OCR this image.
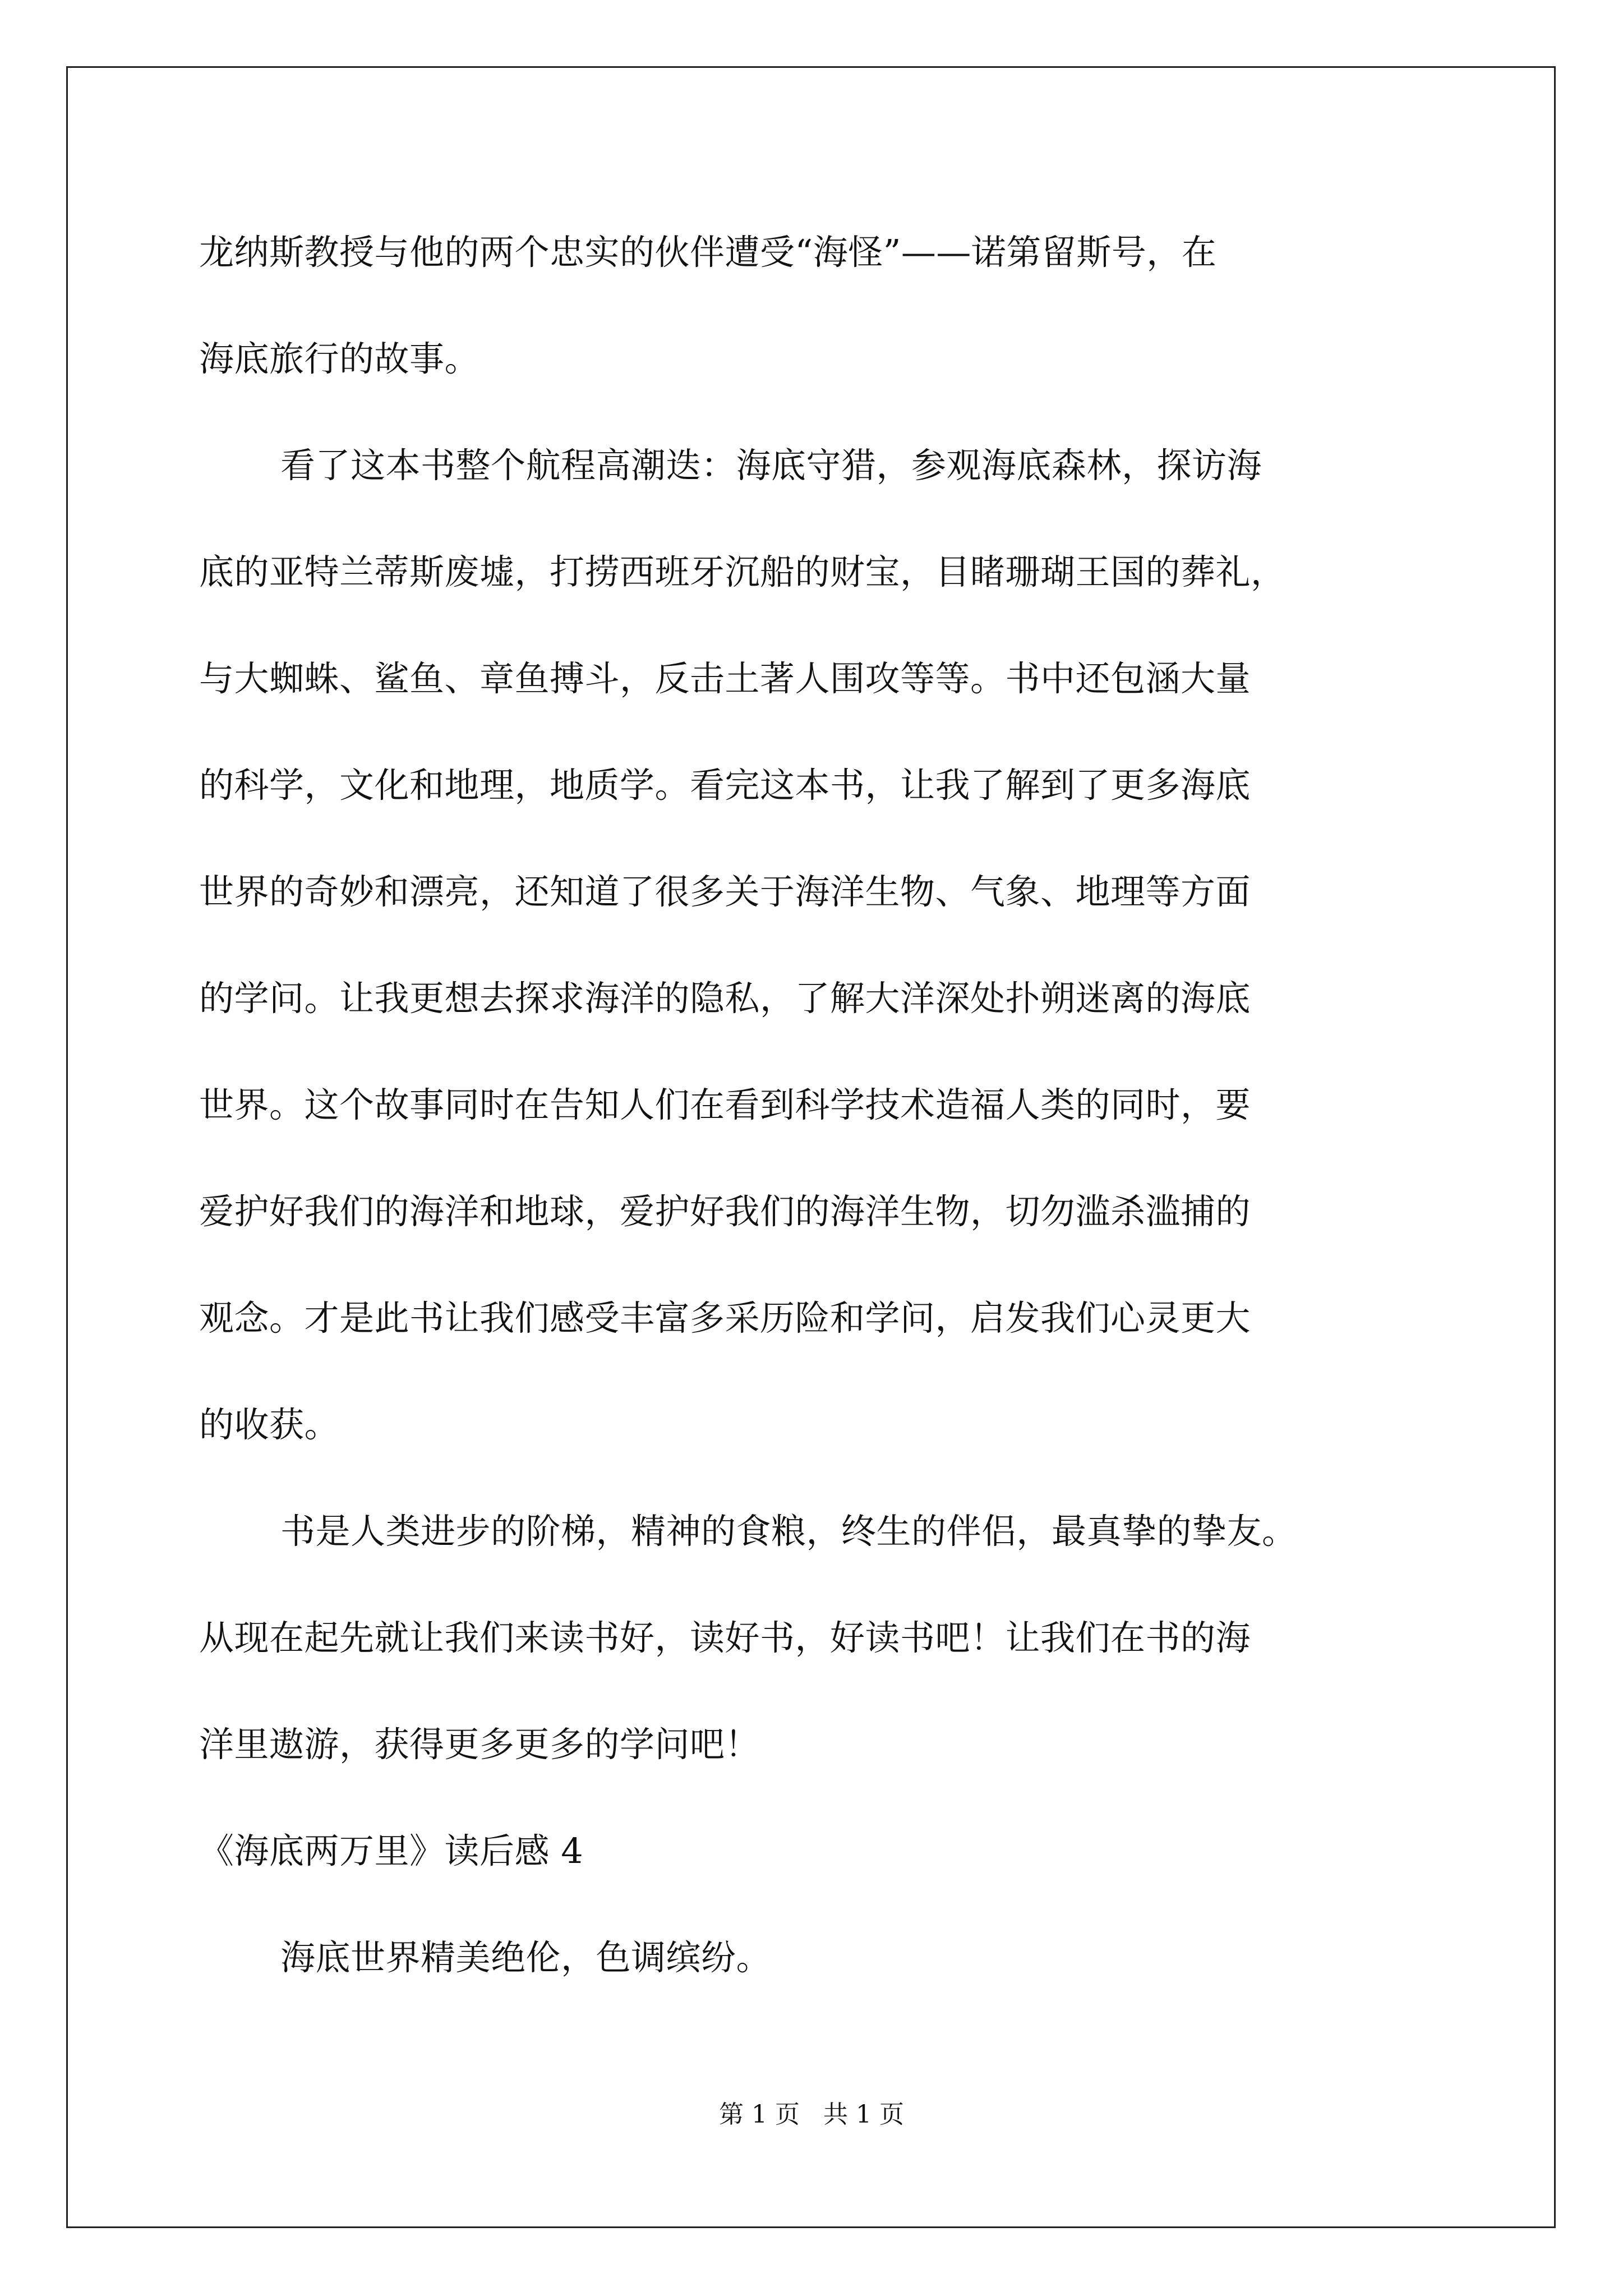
龙纳斯教授与他的两个忠实的伙伴遭受“海怪”——诺第留斯号，在
海底旅行的故事。
看了这本书整个航程高潮迭：海底守猎，参观海底森林，探访海
底的亚特兰蒂斯废墟，打捞西班牙沉船的财宝，目睹珊瑚王国的葬礼，
与大蜘蛛、鲨鱼、章鱼搏斗，反击土著人围攻等等。书中还包涵大量
的科学，文化和地理，地质学。看完这本书，让我了解到了更多海底
世界的奇妙和漂亮，还知道了很多关于海洋生物、气象、地理等方面
的学问。让我更想去探求海洋的隐私，了解大洋深处扑朔迷离的海底
世界。这个故事同时在告知人们在看到科学技术造福人类的同时，要
爱护好我们的海洋和地球，爱护好我们的海洋生物，切勿滥杀滥捕的
观念。才是此书让我们感受丰富多采历险和学问，启发我们心灵更大
的收获。
书是人类进步的阶梯，精神的食粮，终生的伴侣，最真挚的挚友。
从现在起先就让我们来读书好，读好书，好读书吧！让我们在书的海
洋里遨游，获得更多更多的学问吧！
《海底两万里》读后感 4
海底世界精美绝伦，色调缤纷。
第 1 页   共 1 页
